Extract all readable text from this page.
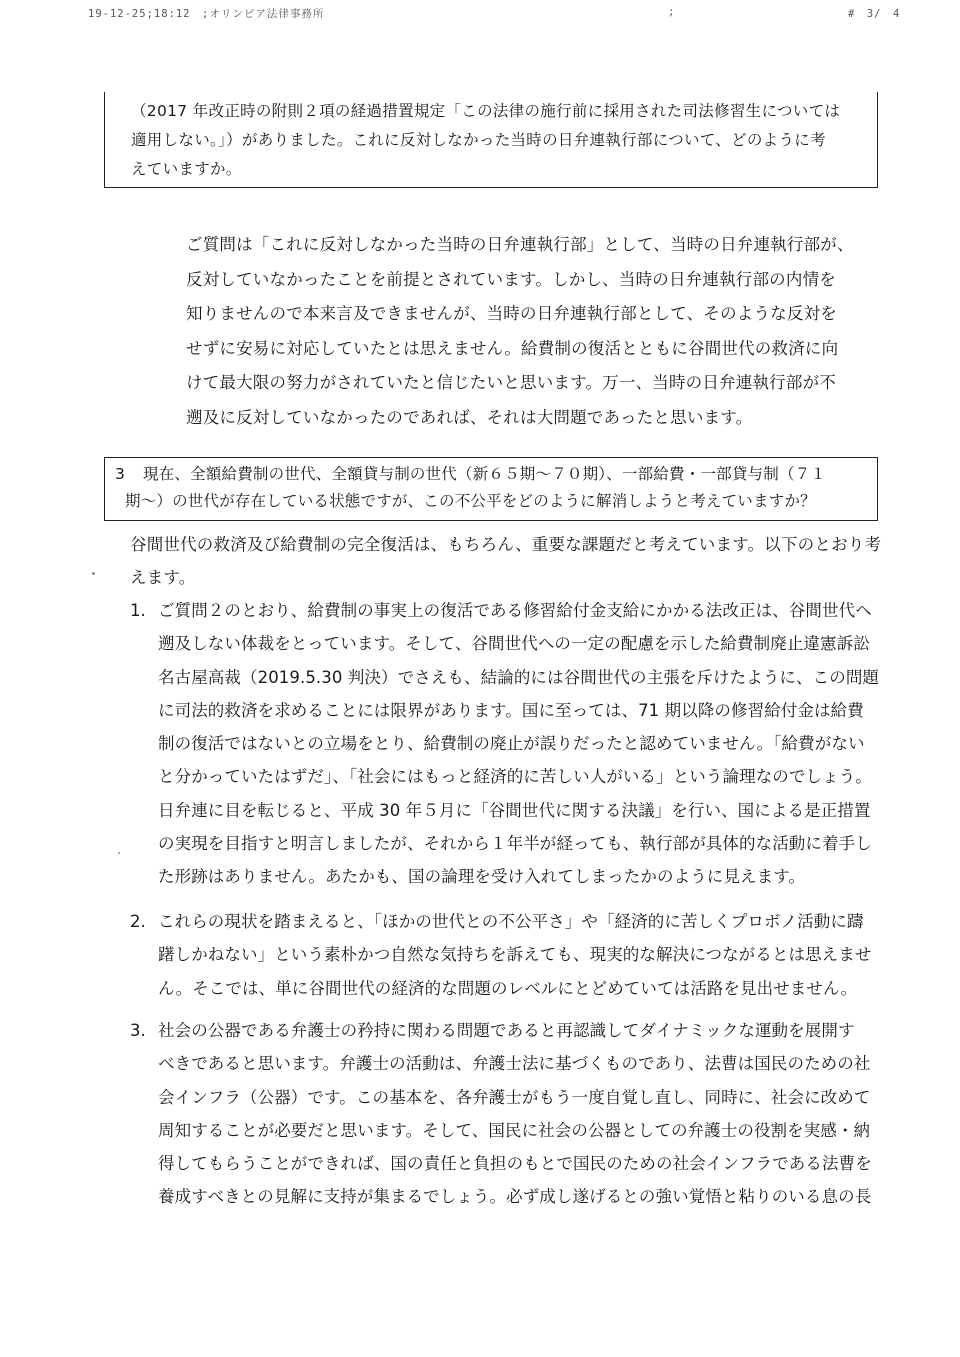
19-12-25;18:12　;オリンピア法律事務所	;	#　3/　4
（2017 年改正時の附則２項の経過措置規定「この法律の施行前に採用された司法修習生については
適用しない。」）がありました。これに反対しなかった当時の日弁連執行部について、どのように考
えていますか。
ご質問は「これに反対しなかった当時の日弁連執行部」として、当時の日弁連執行部が、
反対していなかったことを前提とされています。しかし、当時の日弁連執行部の内情を
知りませんので本来言及できませんが、当時の日弁連執行部として、そのような反対を
せずに安易に対応していたとは思えません。給費制の復活とともに谷間世代の救済に向
けて最大限の努力がされていたと信じたいと思います。万一、当時の日弁連執行部が不
遡及に反対していなかったのであれば、それは大問題であったと思います。
3 現在、全額給費制の世代、全額貸与制の世代（新６５期～７０期）、一部給費・一部貸与制（７１
期～）の世代が存在している状態ですが、この不公平をどのように解消しようと考えていますか？
谷間世代の救済及び給費制の完全復活は、もちろん、重要な課題だと考えています。以下のとおり考
えます。
1. ご質問２のとおり、給費制の事実上の復活である修習給付金支給にかかる法改正は、谷間世代へ
遡及しない体裁をとっています。そして、谷間世代への一定の配慮を示した給費制廃止違憲訴訟
名古屋高裁（2019.5.30 判決）でさえも、結論的には谷間世代の主張を斥けたように、この問題
に司法的救済を求めることには限界があります。国に至っては、71 期以降の修習給付金は給費
制の復活ではないとの立場をとり、給費制の廃止が誤りだったと認めていません。「給費がない
と分かっていたはずだ」、「社会にはもっと経済的に苦しい人がいる」という論理なのでしょう。
日弁連に目を転じると、平成 30 年５月に「谷間世代に関する決議」を行い、国による是正措置
の実現を目指すと明言しましたが、それから１年半が経っても、執行部が具体的な活動に着手し
た形跡はありません。あたかも、国の論理を受け入れてしまったかのように見えます。
2. これらの現状を踏まえると、「ほかの世代との不公平さ」や「経済的に苦しくプロボノ活動に躊
躇しかねない」という素朴かつ自然な気持ちを訴えても、現実的な解決につながるとは思えませ
ん。そこでは、単に谷間世代の経済的な問題のレベルにとどめていては活路を見出せません。
3. 社会の公器である弁護士の矜持に関わる問題であると再認識してダイナミックな運動を展開す
べきであると思います。弁護士の活動は、弁護士法に基づくものであり、法曹は国民のための社
会インフラ（公器）です。この基本を、各弁護士がもう一度自覚し直し、同時に、社会に改めて
周知することが必要だと思います。そして、国民に社会の公器としての弁護士の役割を実感・納
得してもらうことができれば、国の責任と負担のもとで国民のための社会インフラである法曹を
養成すべきとの見解に支持が集まるでしょう。必ず成し遂げるとの強い覚悟と粘りのいる息の長
